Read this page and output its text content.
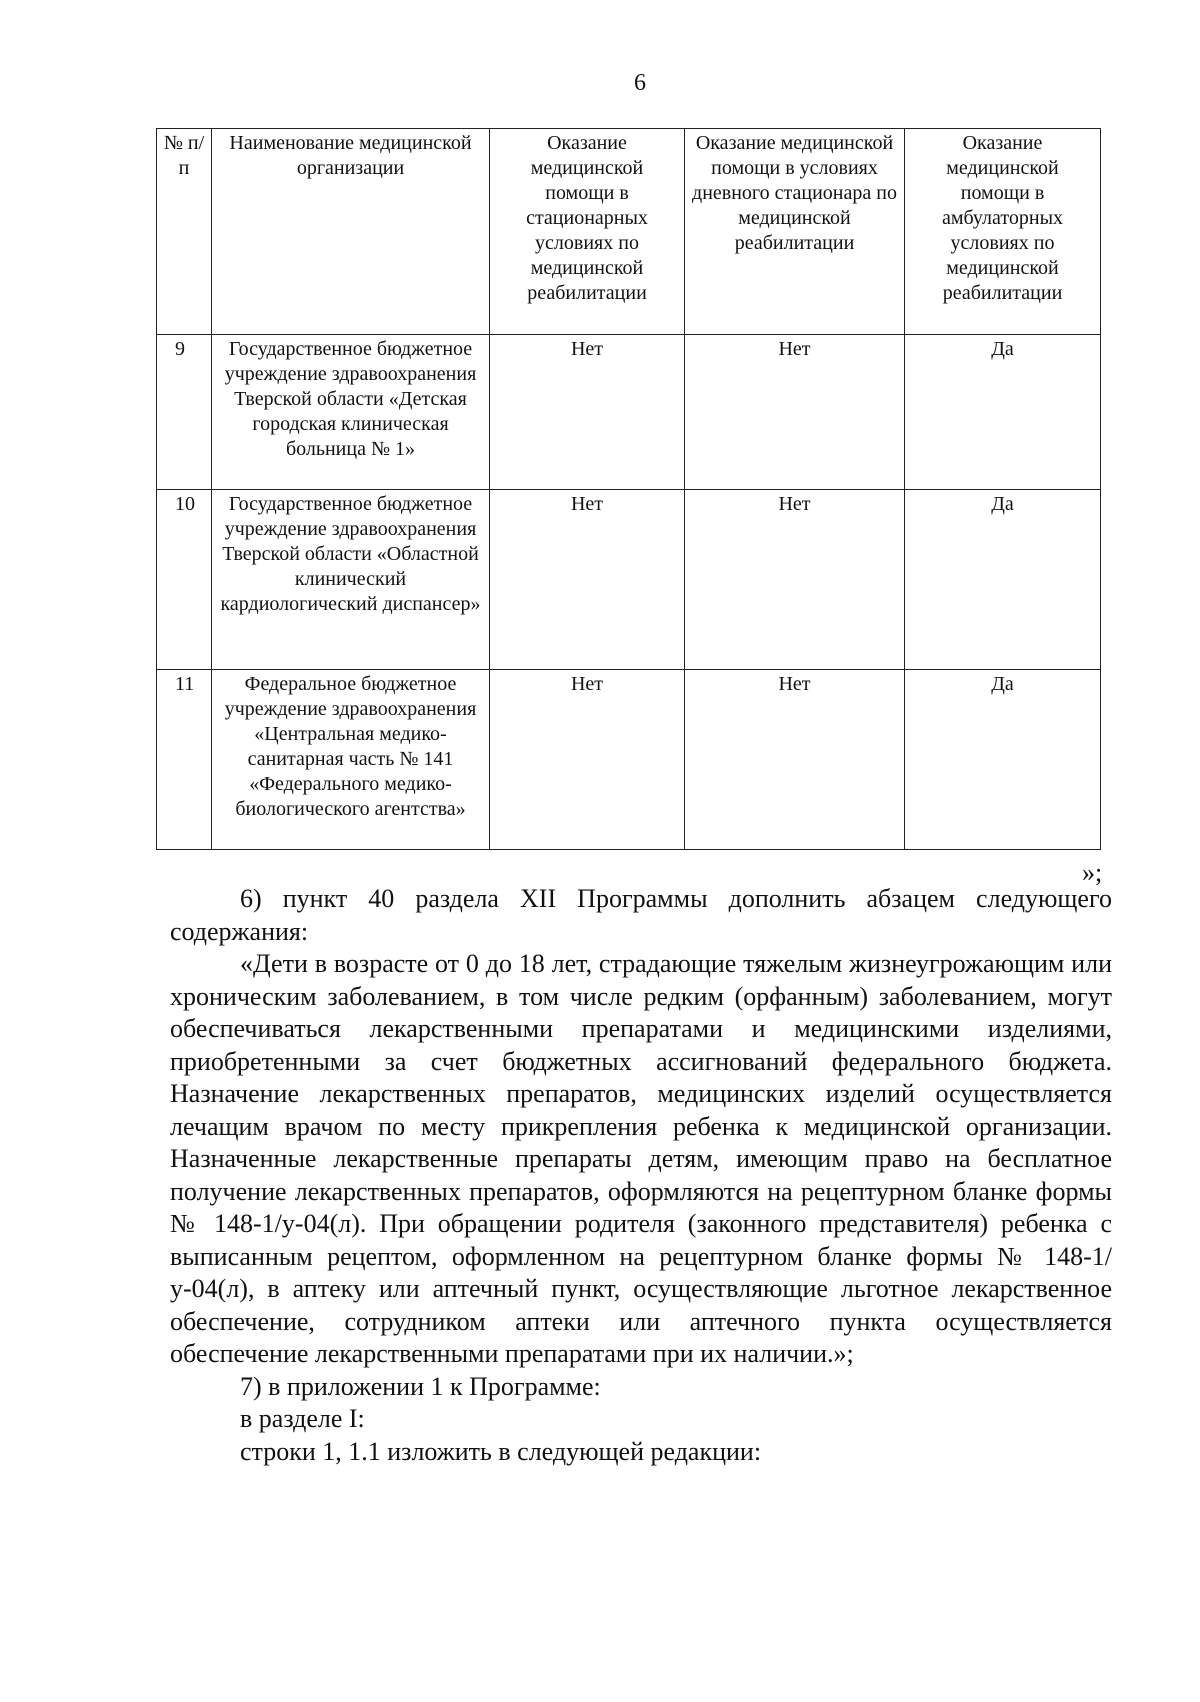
6
№ п/п	Наименование медицинской организации	Оказание медицинской помощи в стационарных условиях по медицинской реабилитации	Оказание медицинской помощи в условиях дневного стационара по медицинской реабилитации	Оказание медицинской помощи в амбулаторных условиях по медицинской реабилитации
9	Государственное бюджетное учреждение здравоохранения Тверской области «Детская городская клиническая больница № 1»	Нет	Нет	Да
10	Государственное бюджетное учреждение здравоохранения Тверской области «Областной клинический кардиологический диспансер»	Нет	Нет	Да
11	Федеральное бюджетное учреждение здравоохранения «Центральная медико-санитарная часть № 141 «Федерального медико-биологического агентства»	Нет	Нет	Да
»;

6) пункт 40 раздела XII Программы дополнить абзацем следующего содержания:

«Дети в возрасте от 0 до 18 лет, страдающие тяжелым жизнеугрожающим или хроническим заболеванием, в том числе редким (орфанным) заболеванием, могут обеспечиваться лекарственными препаратами и медицинскими изделиями, приобретенными за счет бюджетных ассигнований федерального бюджета. Назначение лекарственных препаратов, медицинских изделий осуществляется лечащим врачом по месту прикрепления ребенка к медицинской организации. Назначенные лекарственные препараты детям, имеющим право на бесплатное получение лекарственных препаратов, оформляются на рецептурном бланке формы № 148-1/у-04(л). При обращении родителя (законного представителя) ребенка с выписанным рецептом, оформленном на рецептурном бланке формы № 148-1/у-04(л), в аптеку или аптечный пункт, осуществляющие льготное лекарственное обеспечение, сотрудником аптеки или аптечного пункта осуществляется обеспечение лекарственными препаратами при их наличии.»;

7) в приложении 1 к Программе:

в разделе I:

строки 1, 1.1 изложить в следующей редакции:
